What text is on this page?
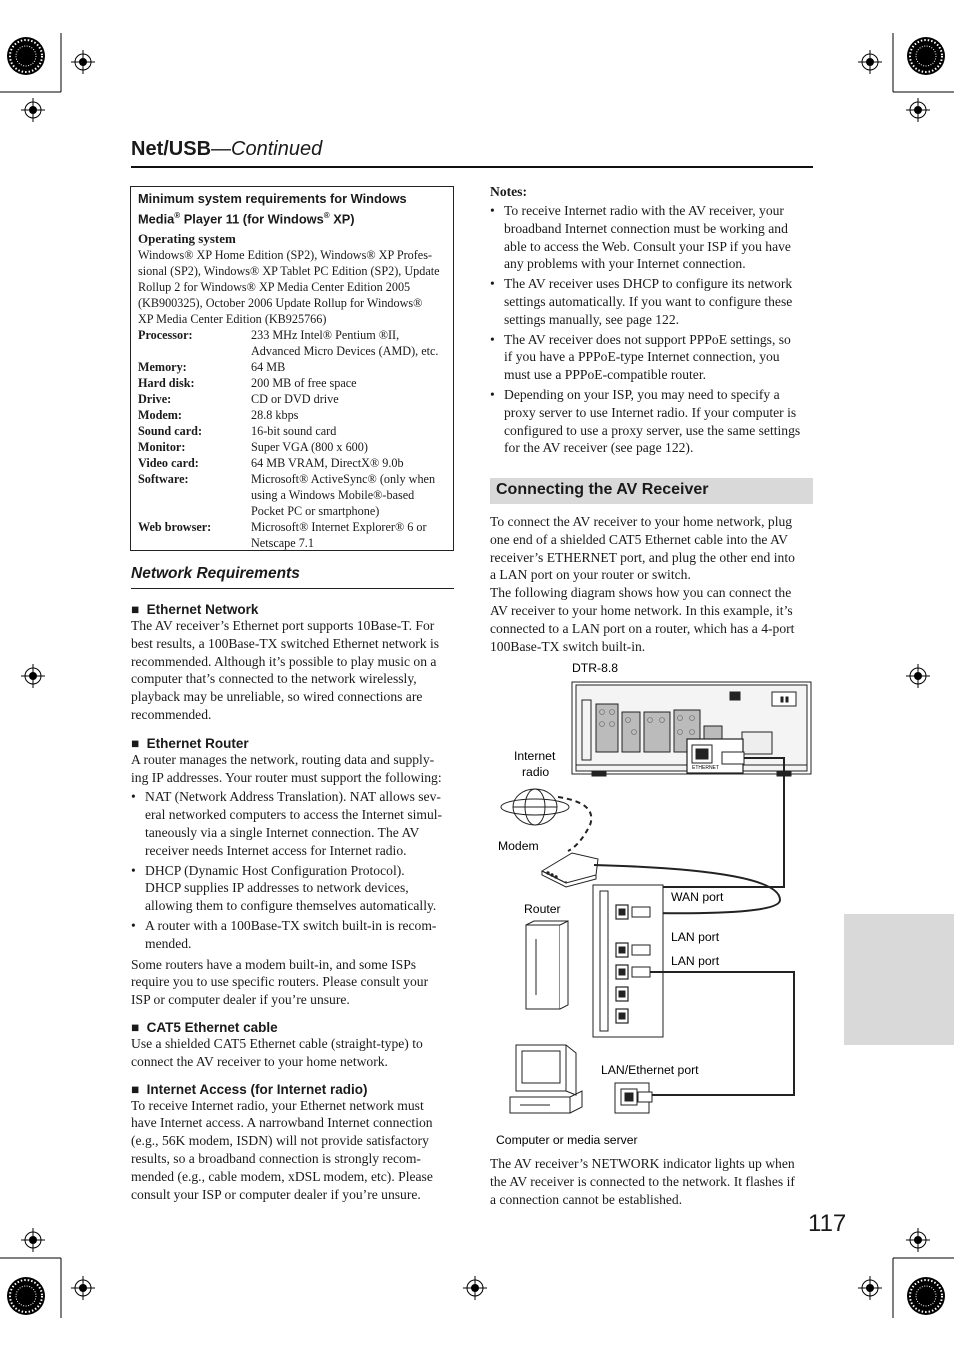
Net/USB—Continued
Minimum system requirements for Windows
Media® Player 11 (for Windows® XP)
Operating system
Windows® XP Home Edition (SP2), Windows® XP Profes-
sional (SP2), Windows® XP Tablet PC Edition (SP2), Update
Rollup 2 for Windows® XP Media Center Edition 2005
(KB900325), October 2006 Update Rollup for Windows®
XP Media Center Edition (KB925766)
Processor:	233 MHz Intel® Pentium ®II,
Advanced Micro Devices (AMD), etc.
Memory:	64 MB
Hard disk:	200 MB of free space
Drive:	CD or DVD drive
Modem:	28.8 kbps
Sound card:	16-bit sound card
Monitor:	Super VGA (800 x 600)
Video card:	64 MB VRAM, DirectX® 9.0b
Software:	Microsoft® ActiveSync® (only when
using a Windows Mobile®-based
Pocket PC or smartphone)
Web browser:	Microsoft® Internet Explorer® 6 or
Netscape 7.1
Network Requirements
■  Ethernet Network
The AV receiver’s Ethernet port supports 10Base-T. For
best results, a 100Base-TX switched Ethernet network is
recommended. Although it’s possible to play music on a
computer that’s connected to the network wirelessly,
playback may be unreliable, so wired connections are
recommended.
■  Ethernet Router
A router manages the network, routing data and supply-
ing IP addresses. Your router must support the following:
• NAT (Network Address Translation). NAT allows sev-
eral networked computers to access the Internet simul-
taneously via a single Internet connection. The AV
receiver needs Internet access for Internet radio.
• DHCP (Dynamic Host Configuration Protocol).
DHCP supplies IP addresses to network devices,
allowing them to configure themselves automatically.
• A router with a 100Base-TX switch built-in is recom-
mended.
Some routers have a modem built-in, and some ISPs
require you to use specific routers. Please consult your
ISP or computer dealer if you’re unsure.
■  CAT5 Ethernet cable
Use a shielded CAT5 Ethernet cable (straight-type) to
connect the AV receiver to your home network.
■  Internet Access (for Internet radio)
To receive Internet radio, your Ethernet network must
have Internet access. A narrowband Internet connection
(e.g., 56K modem, ISDN) will not provide satisfactory
results, so a broadband connection is strongly recom-
mended (e.g., cable modem, xDSL modem, etc). Please
consult your ISP or computer dealer if you’re unsure.
Notes:
• To receive Internet radio with the AV receiver, your
broadband Internet connection must be working and
able to access the Web. Consult your ISP if you have
any problems with your Internet connection.
• The AV receiver uses DHCP to configure its network
settings automatically. If you want to configure these
settings manually, see page 122.
• The AV receiver does not support PPPoE settings, so
if you have a PPPoE-type Internet connection, you
must use a PPPoE-compatible router.
• Depending on your ISP, you may need to specify a
proxy server to use Internet radio. If your computer is
configured to use a proxy server, use the same settings
for the AV receiver (see page 122).
Connecting the AV Receiver
To connect the AV receiver to your home network, plug
one end of a shielded CAT5 Ethernet cable into the AV
receiver’s ETHERNET port, and plug the other end into
a LAN port on your router or switch.
The following diagram shows how you can connect the
AV receiver to your home network. In this example, it’s
connected to a LAN port on a router, which has a 4-port
100Base-TX switch built-in.
DTR-8.8
Internet
radio
Modem
Router
WAN port
LAN port
LAN port
LAN/Ethernet port
Computer or media server
ETHERNET
The AV receiver’s NETWORK indicator lights up when
the AV receiver is connected to the network. It flashes if
a connection cannot be established.
117
